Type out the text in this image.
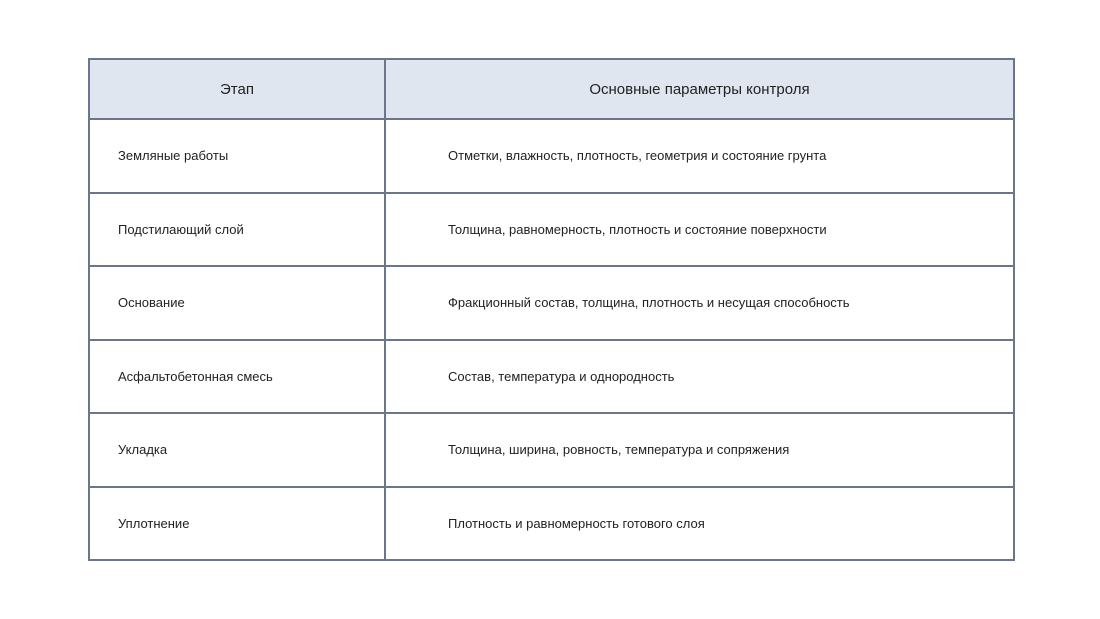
Этап	Основные параметры контроля
Земляные работы	Отметки, влажность, плотность, геометрия и состояние грунта
Подстилающий слой	Толщина, равномерность, плотность и состояние поверхности
Основание	Фракционный состав, толщина, плотность и несущая способность
Асфальтобетонная смесь	Состав, температура и однородность
Укладка	Толщина, ширина, ровность, температура и сопряжения
Уплотнение	Плотность и равномерность готового слоя
